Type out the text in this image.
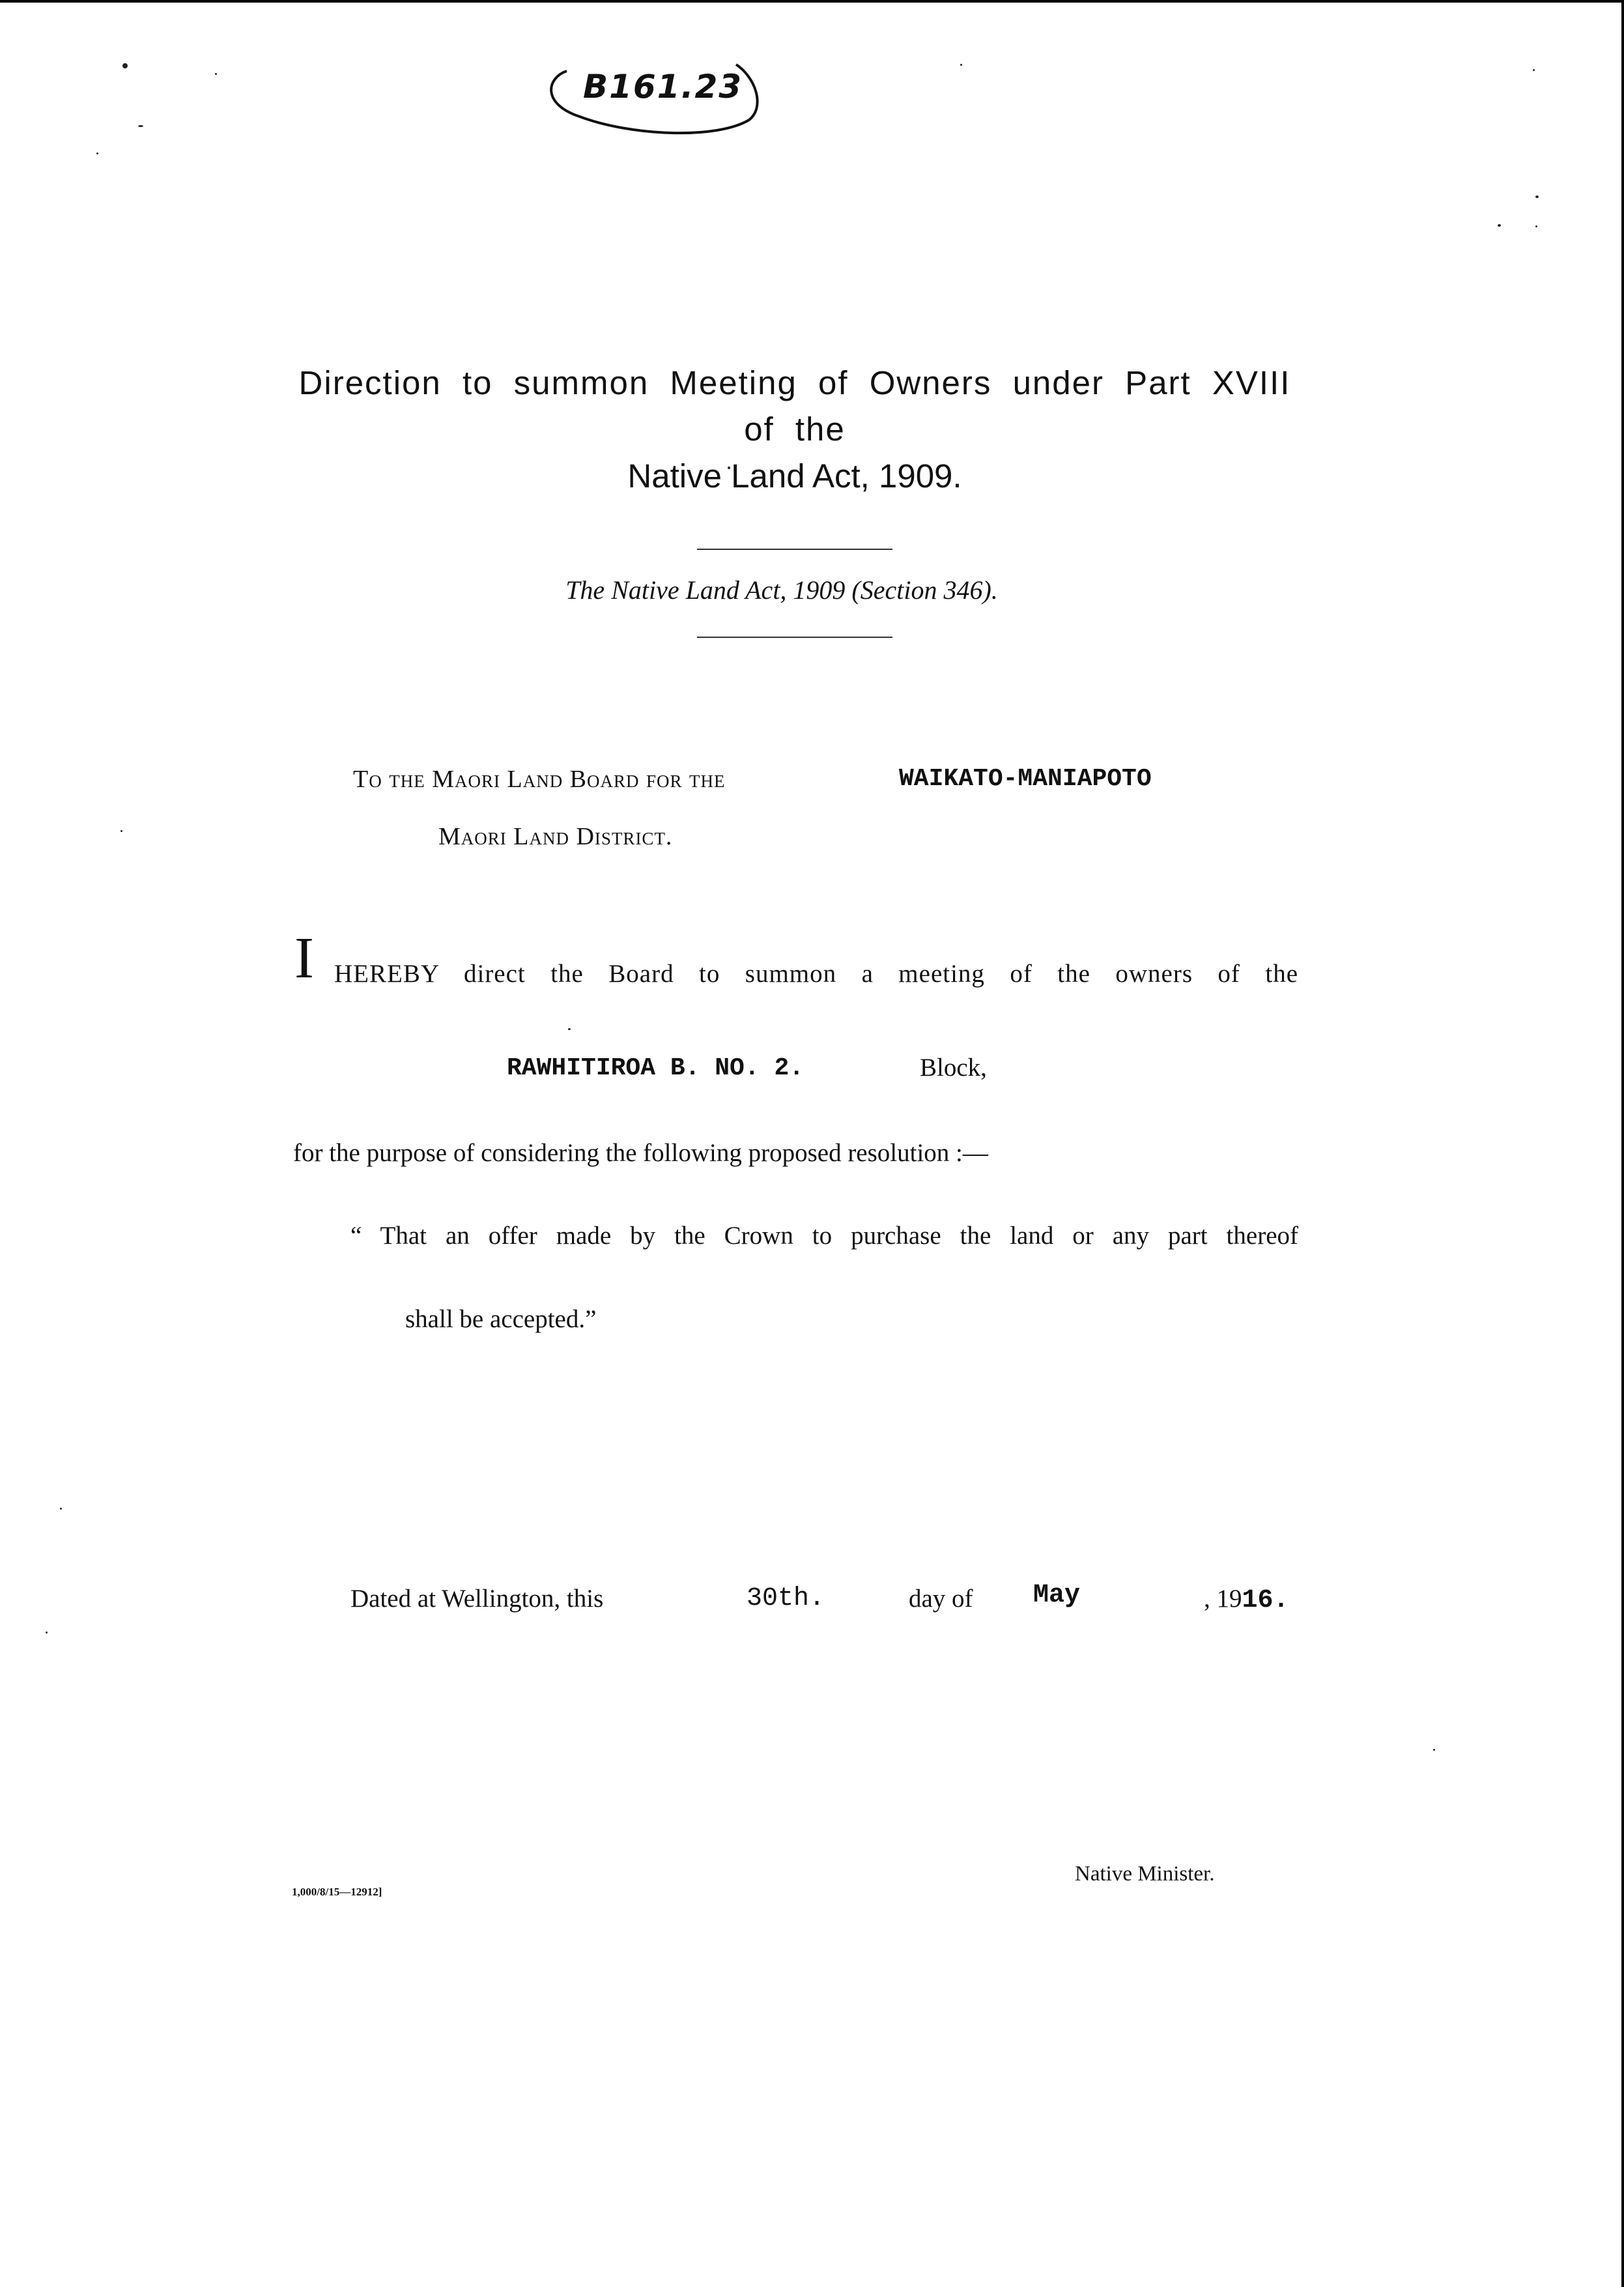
B161.23
Direction to summon Meeting of Owners under Part XVIII of the
Native Land Act, 1909.
The Native Land Act, 1909 (Section 346).
To the Maori Land Board for the	WAIKATO-MANIAPOTO
Maori Land District.
I HEREBY direct the Board to summon a meeting of the owners of the
RAWHITIROA B. NO. 2.	Block,
for the purpose of considering the following proposed resolution :—
“ That an offer made by the Crown to purchase the land or any part thereof
shall be accepted.”
Dated at Wellington, this	30th.	day of May	, 1916.
Native Minister.
1,000/8/15—12912]
